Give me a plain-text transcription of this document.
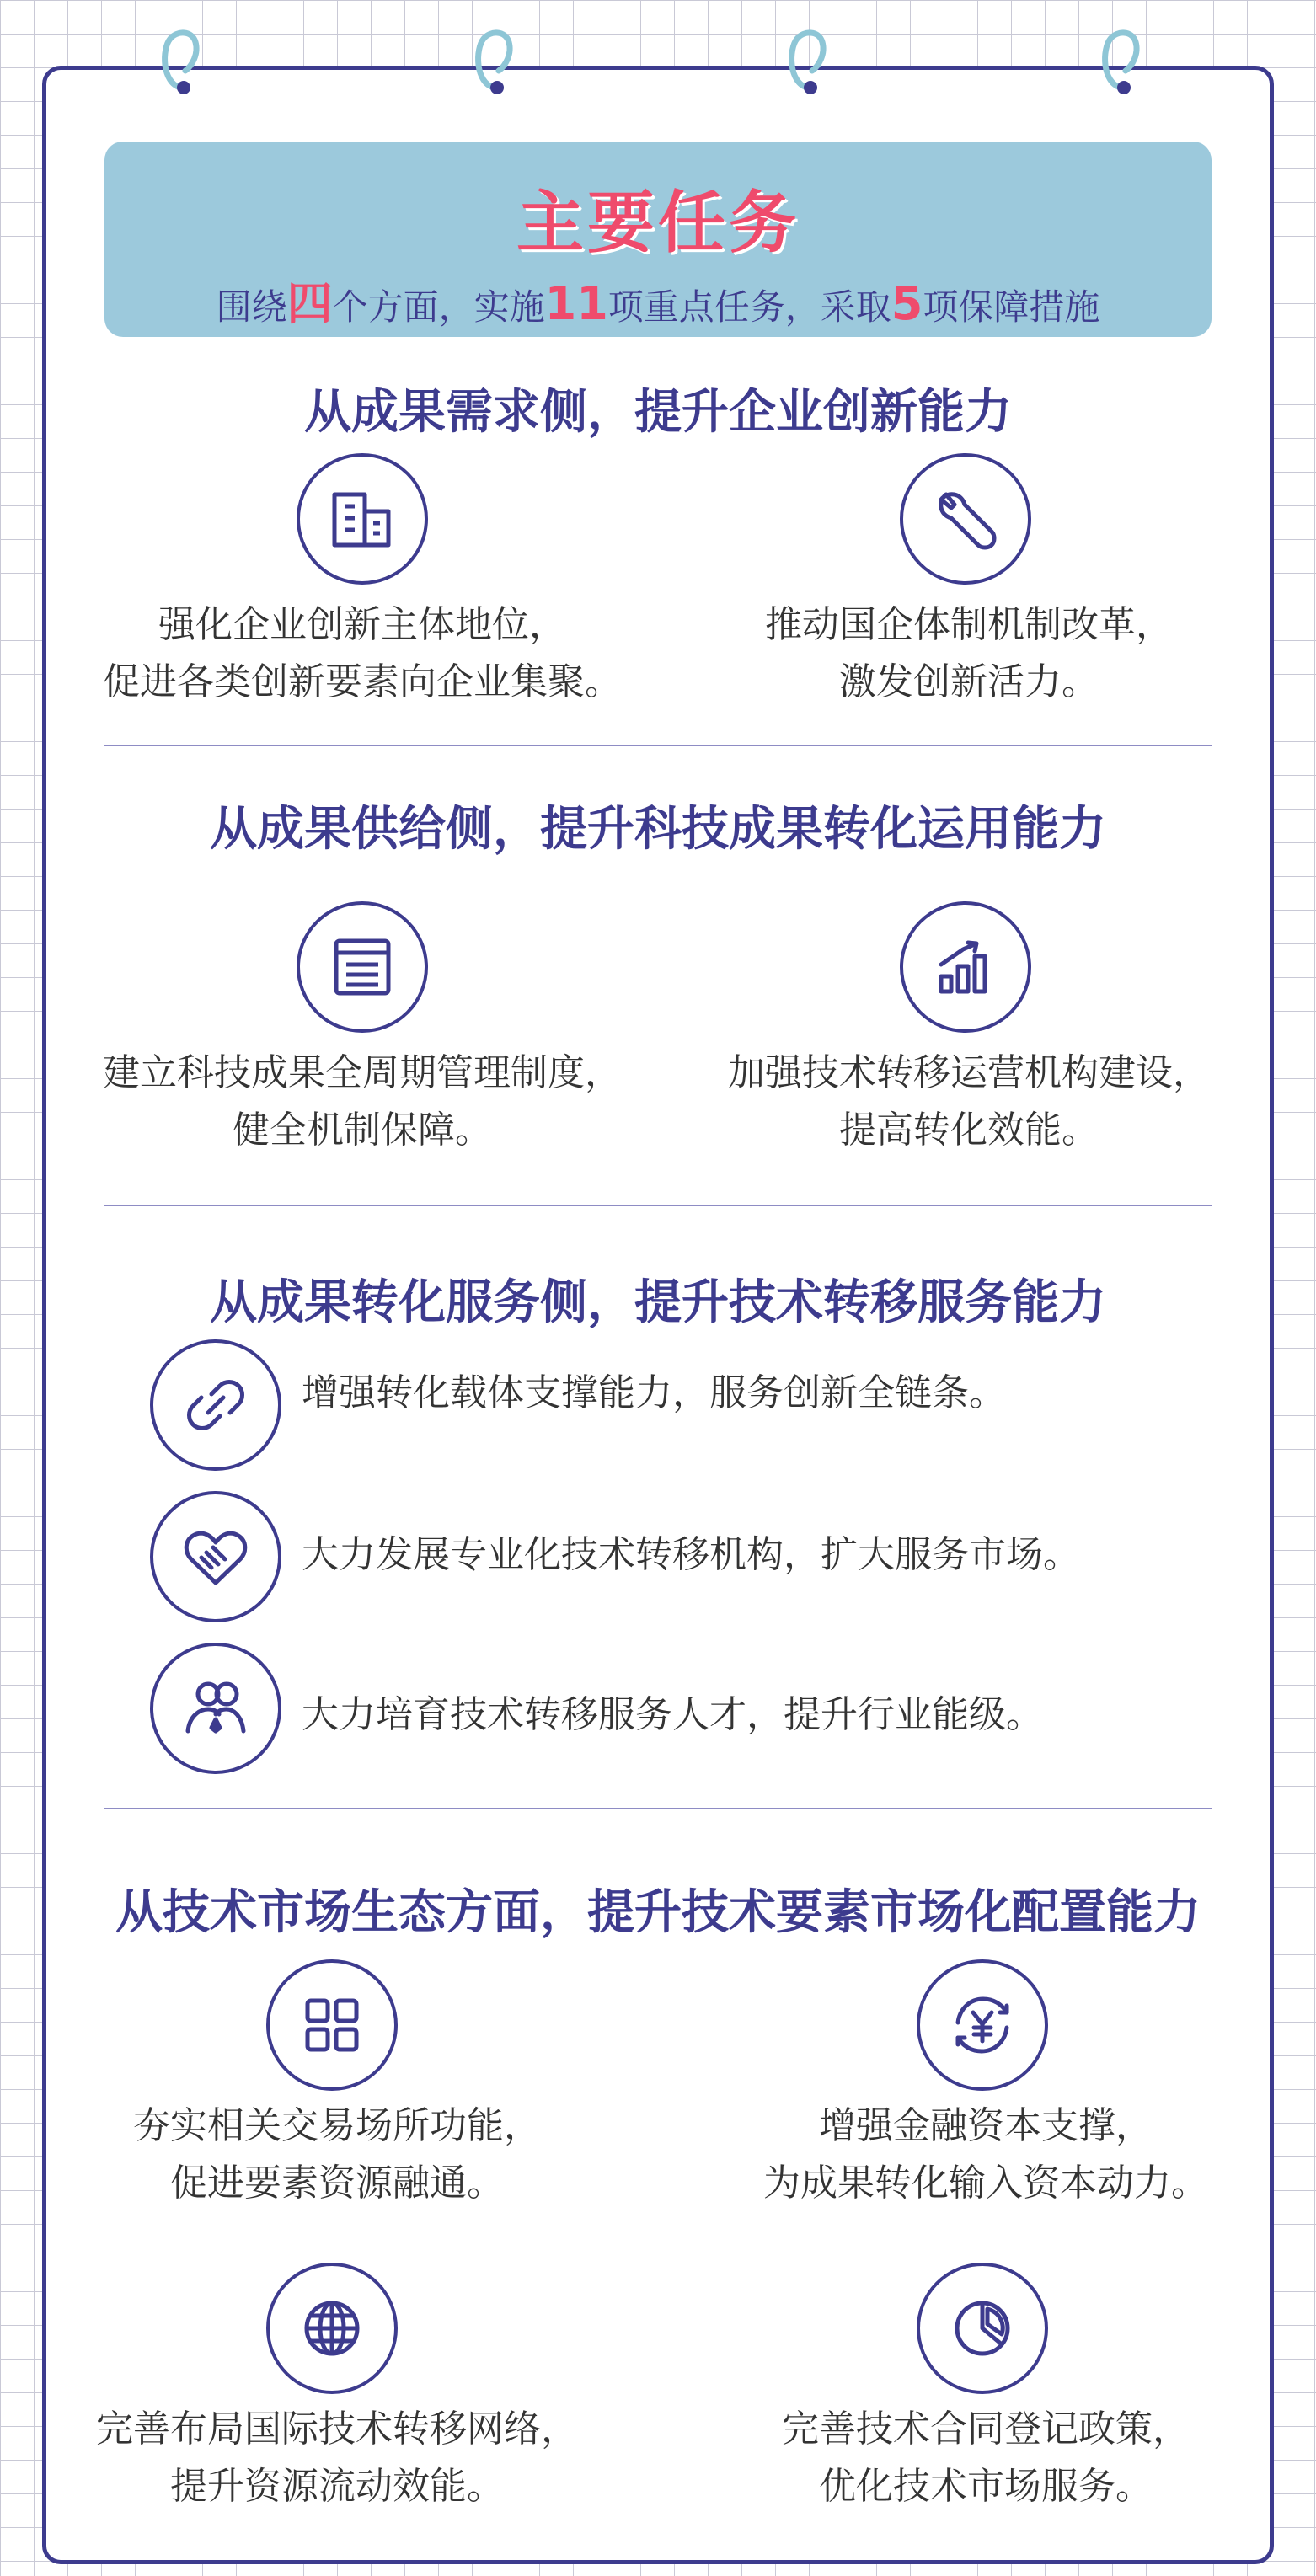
主要任务
围绕四个方面，实施11项重点任务，采取5项保障措施
从成果需求侧，提升企业创新能力
强化企业创新主体地位，
促进各类创新要素向企业集聚。
推动国企体制机制改革，
激发创新活力。
从成果供给侧，提升科技成果转化运用能力
建立科技成果全周期管理制度，
健全机制保障。
加强技术转移运营机构建设，
提高转化效能。
从成果转化服务侧，提升技术转移服务能力
增强转化载体支撑能力，服务创新全链条。
大力发展专业化技术转移机构，扩大服务市场。
大力培育技术转移服务人才，提升行业能级。
从技术市场生态方面，提升技术要素市场化配置能力
夯实相关交易场所功能，
促进要素资源融通。
增强金融资本支撑，
为成果转化输入资本动力。
完善布局国际技术转移网络，
提升资源流动效能。
完善技术合同登记政策，
优化技术市场服务。
